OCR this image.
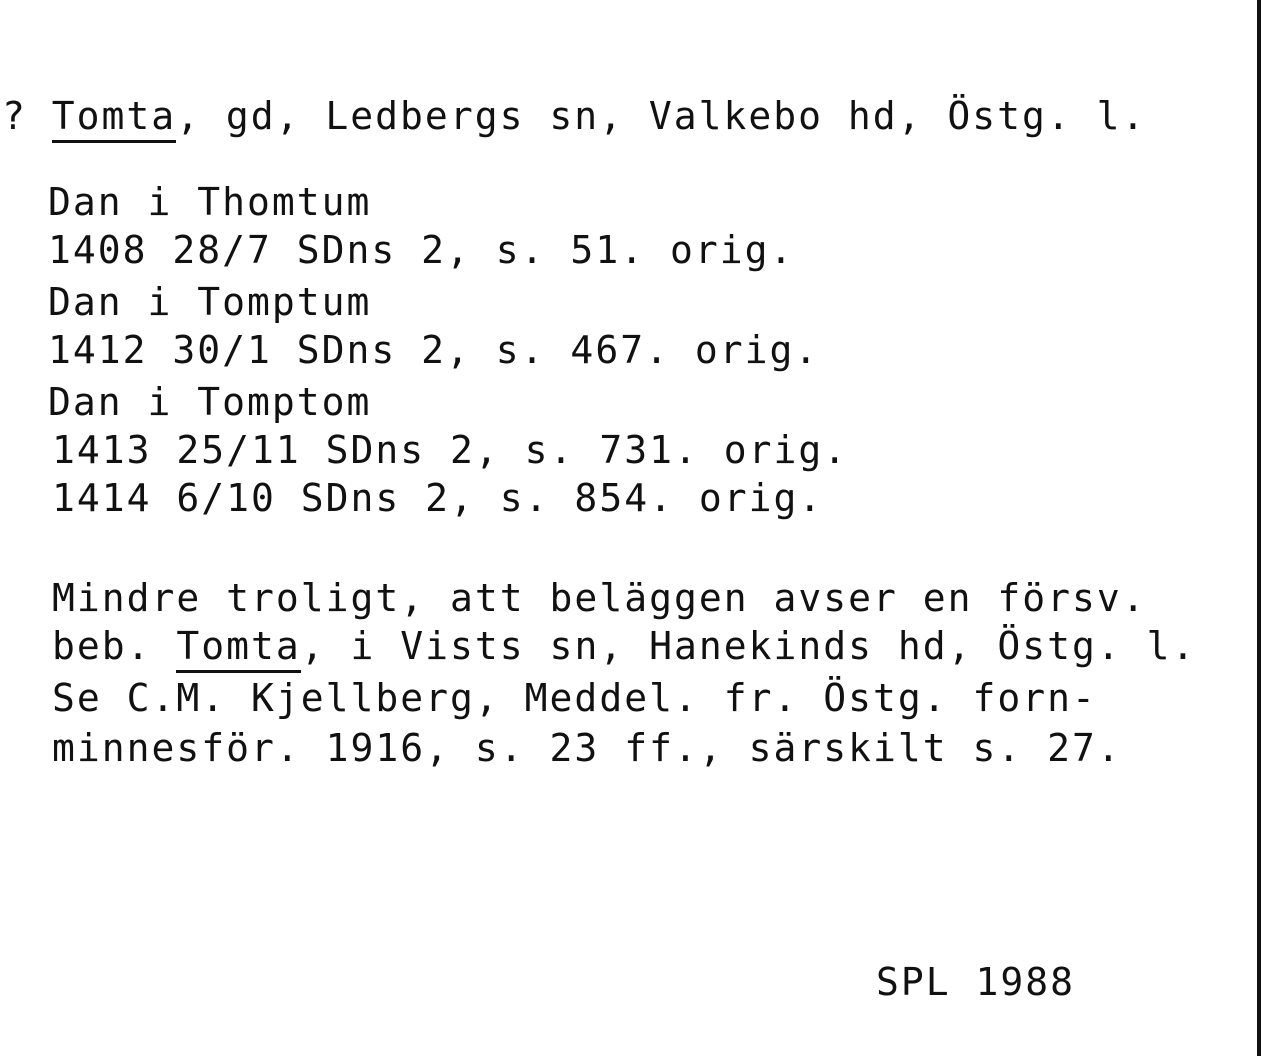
? Tomta, gd, Ledbergs sn, Valkebo hd, Östg. l.
Dan i Thomtum
1408 28/7 SDns 2, s. 51. orig.
Dan i Tomptum
1412 30/1 SDns 2, s. 467. orig.
Dan i Tomptom
1413 25/11 SDns 2, s. 731. orig.
1414 6/10 SDns 2, s. 854. orig.
Mindre troligt, att beläggen avser en försv.
beb. Tomta, i Vists sn, Hanekinds hd, Östg. l.
Se C.M. Kjellberg, Meddel. fr. Östg. forn-
minnesför. 1916, s. 23 ff., särskilt s. 27.
SPL 1988
